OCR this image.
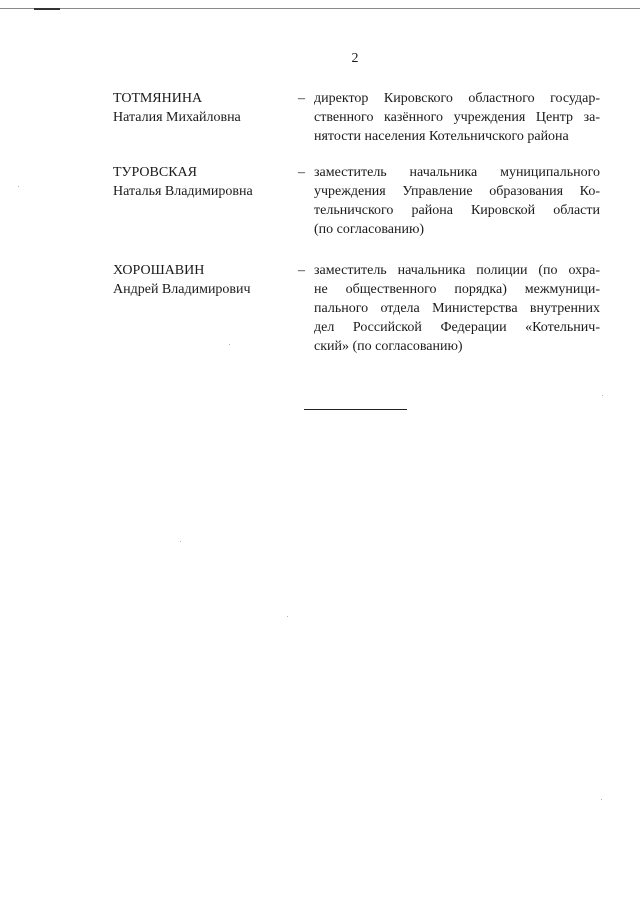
2
ТОТМЯНИНА
Наталия Михайловна
– директор Кировского областного государ-
ственного казённого учреждения Центр за-
нятости населения Котельничского района
ТУРОВСКАЯ
Наталья Владимировна
– заместитель начальника муниципального
учреждения Управление образования Ко-
тельничского района Кировской области
(по согласованию)
ХОРОШАВИН
Андрей Владимирович
– заместитель начальника полиции (по охра-
не общественного порядка) межмуници-
пального отдела Министерства внутренних
дел Российской Федерации «Котельнич-
ский» (по согласованию)
